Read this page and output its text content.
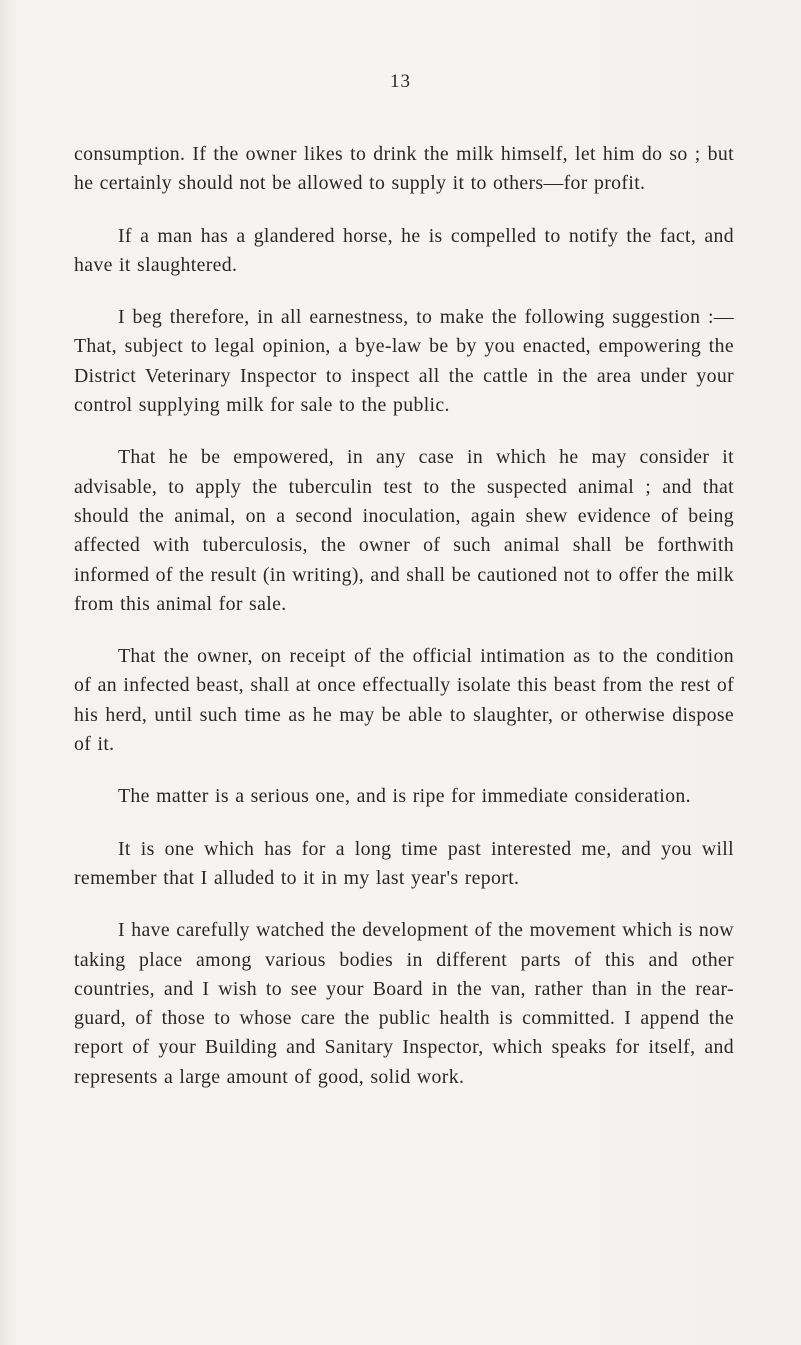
13

consumption. If the owner likes to drink the milk himself, let him do so ; but he certainly should not be allowed to supply it to others—for profit.

If a man has a glandered horse, he is compelled to notify the fact, and have it slaughtered.

I beg therefore, in all earnestness, to make the following suggestion :—That, subject to legal opinion, a bye-law be by you enacted, empowering the District Veterinary Inspector to inspect all the cattle in the area under your control supplying milk for sale to the public.

That he be empowered, in any case in which he may consider it advisable, to apply the tuberculin test to the suspected animal ; and that should the animal, on a second inoculation, again shew evidence of being affected with tuberculosis, the owner of such animal shall be forthwith informed of the result (in writing), and shall be cautioned not to offer the milk from this animal for sale.

That the owner, on receipt of the official intimation as to the condition of an infected beast, shall at once effectually isolate this beast from the rest of his herd, until such time as he may be able to slaughter, or otherwise dispose of it.

The matter is a serious one, and is ripe for immediate consideration.

It is one which has for a long time past interested me, and you will remember that I alluded to it in my last year's report.

I have carefully watched the development of the movement which is now taking place among various bodies in different parts of this and other countries, and I wish to see your Board in the van, rather than in the rear-guard, of those to whose care the public health is committed. I append the report of your Building and Sanitary Inspector, which speaks for itself, and represents a large amount of good, solid work.
